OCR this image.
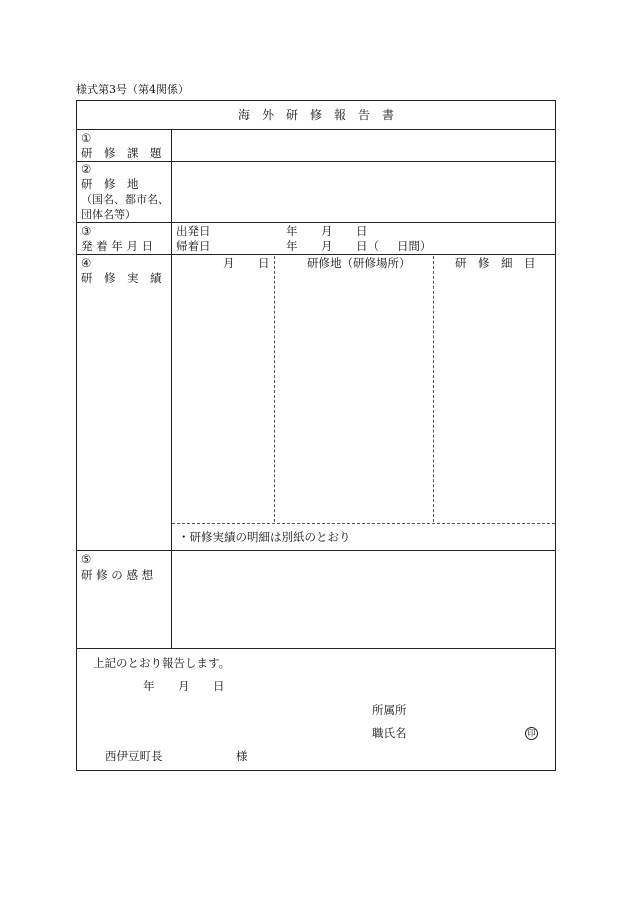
様式第3号（第4関係）
海　外　研　修　報　告　書
①
研　修　課　題
②
研　修　地
（国名、都市名、
団体名等）
③
発 着 年 月 日
出発日	年 月 日
帰着日	年 月 日（ 日間）
④
研　修　実　績
月 日	研修地（研修場所）	研　修　細　目
・研修実績の明細は別紙のとおり
⑤
研 修 の 感 想
上記のとおり報告します。
年 月 日
所属所
職氏名	印
西伊豆町長	様
